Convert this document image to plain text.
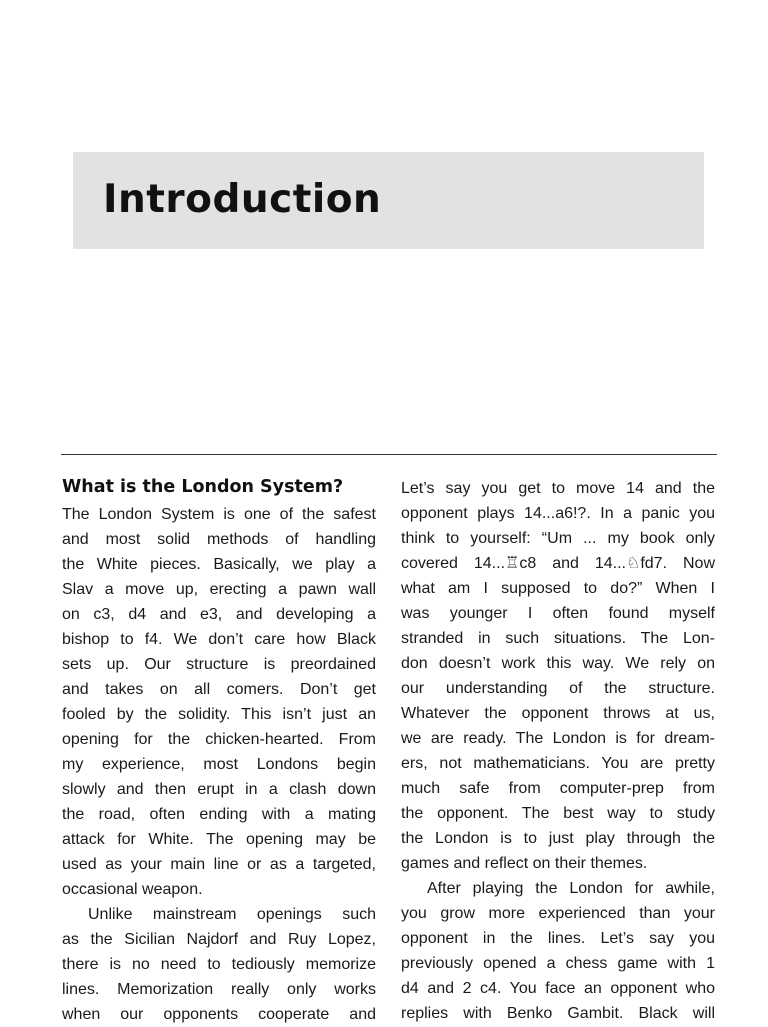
Introduction
What is the London System?
The London System is one of the safest
and most solid methods of handling
the White pieces. Basically, we play a
Slav a move up, erecting a pawn wall
on c3, d4 and e3, and developing a
bishop to f4. We don’t care how Black
sets up. Our structure is preordained
and takes on all comers. Don’t get
fooled by the solidity. This isn’t just an
opening for the chicken-hearted. From
my experience, most Londons begin
slowly and then erupt in a clash down
the road, often ending with a mating
attack for White. The opening may be
used as your main line or as a targeted,
occasional weapon.
Unlike mainstream openings such
as the Sicilian Najdorf and Ruy Lopez,
there is no need to tediously memorize
lines. Memorization really only works
when our opponents cooperate and
Let’s say you get to move 14 and the
opponent plays 14...a6!?. In a panic you
think to yourself: “Um ... my book only
covered 14...♖c8 and 14...♘fd7. Now
what am I supposed to do?” When I
was younger I often found myself
stranded in such situations. The Lon-
don doesn’t work this way. We rely on
our understanding of the structure.
Whatever the opponent throws at us,
we are ready. The London is for dream-
ers, not mathematicians. You are pretty
much safe from computer-prep from
the opponent. The best way to study
the London is to just play through the
games and reflect on their themes.
After playing the London for awhile,
you grow more experienced than your
opponent in the lines. Let’s say you
previously opened a chess game with 1
d4 and 2 c4. You face an opponent who
replies with Benko Gambit. Black will
